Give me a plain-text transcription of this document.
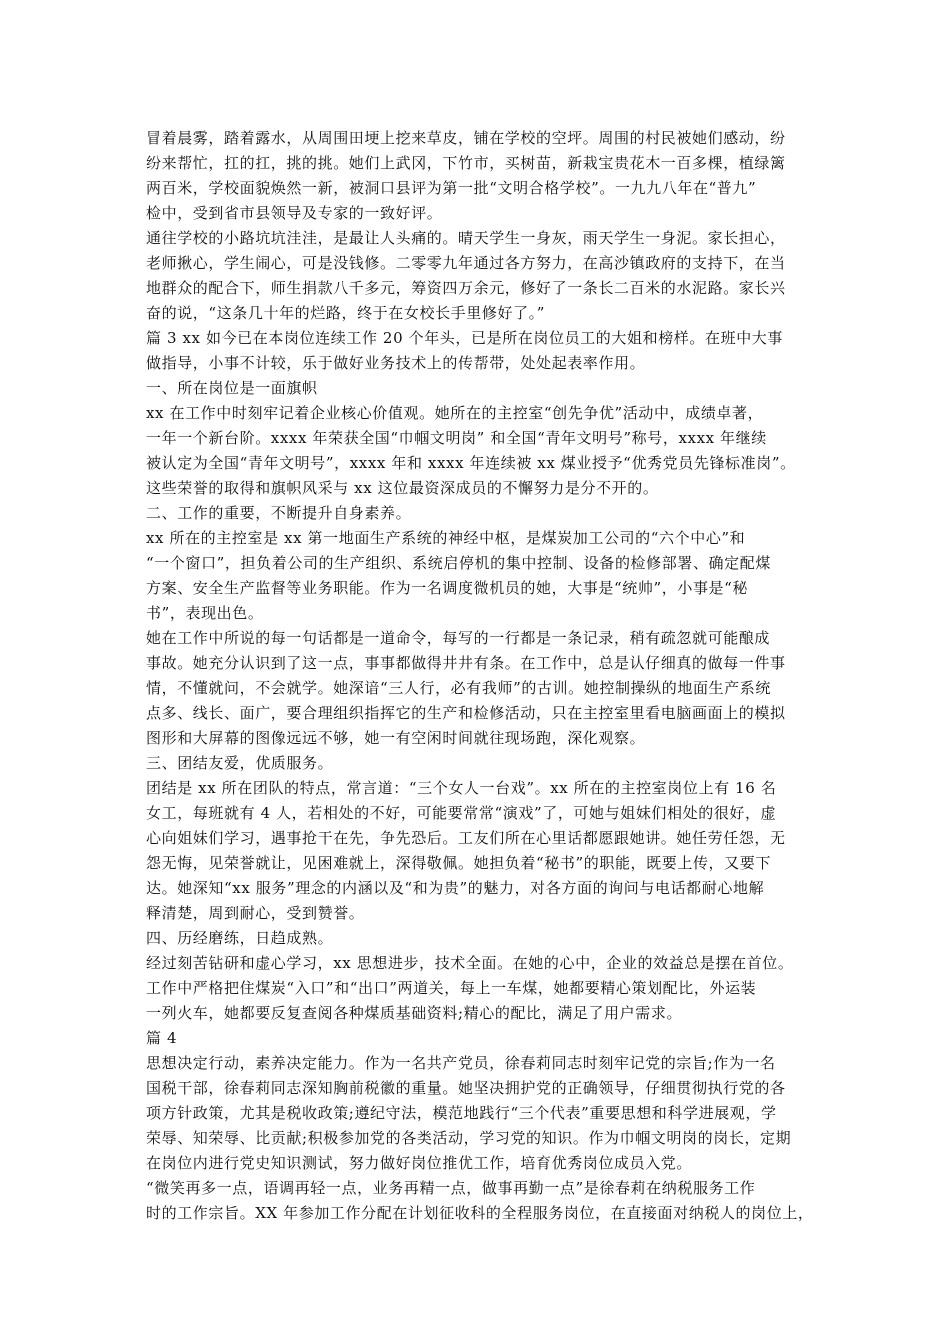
冒着晨雾，踏着露水，从周围田埂上挖来草皮，铺在学校的空坪。周围的村民被她们感动，纷
纷来帮忙，扛的扛，挑的挑。她们上武冈，下竹市，买树苗，新栽宝贵花木一百多棵，植绿篱
两百米，学校面貌焕然一新，被洞口县评为第一批“文明合格学校”。一九九八年在“普九”
检中，受到省市县领导及专家的一致好评。
通往学校的小路坑坑洼洼，是最让人头痛的。晴天学生一身灰，雨天学生一身泥。家长担心，
老师揪心，学生闹心，可是没钱修。二零零九年通过各方努力，在高沙镇政府的支持下，在当
地群众的配合下，师生捐款八千多元，筹资四万余元，修好了一条长二百米的水泥路。家长兴
奋的说，“这条几十年的烂路，终于在女校长手里修好了。”
篇 3 xx 如今已在本岗位连续工作 20 个年头，已是所在岗位员工的大姐和榜样。在班中大事
做指导，小事不计较，乐于做好业务技术上的传帮带，处处起表率作用。
一、所在岗位是一面旗帜
xx 在工作中时刻牢记着企业核心价值观。她所在的主控室“创先争优”活动中，成绩卓著，
一年一个新台阶。xxxx 年荣获全国“巾帼文明岗” 和全国“青年文明号”称号，xxxx 年继续
被认定为全国“青年文明号”，xxxx 年和 xxxx 年连续被 xx 煤业授予“优秀党员先锋标准岗”。
这些荣誉的取得和旗帜风采与 xx 这位最资深成员的不懈努力是分不开的。
二、工作的重要，不断提升自身素养。
xx 所在的主控室是 xx 第一地面生产系统的神经中枢，是煤炭加工公司的“六个中心”和
“一个窗口”，担负着公司的生产组织、系统启停机的集中控制、设备的检修部署、确定配煤
方案、安全生产监督等业务职能。作为一名调度微机员的她，大事是“统帅”，小事是“秘
书”，表现出色。
她在工作中所说的每一句话都是一道命令，每写的一行都是一条记录，稍有疏忽就可能酿成
事故。她充分认识到了这一点，事事都做得井井有条。在工作中，总是认仔细真的做每一件事
情，不懂就问，不会就学。她深谙“三人行，必有我师”的古训。她控制操纵的地面生产系统
点多、线长、面广，要合理组织指挥它的生产和检修活动，只在主控室里看电脑画面上的模拟
图形和大屏幕的图像远远不够，她一有空闲时间就往现场跑，深化观察。
三、团结友爱，优质服务。
团结是 xx 所在团队的特点，常言道：“三个女人一台戏”。xx 所在的主控室岗位上有 16 名
女工，每班就有 4 人，若相处的不好，可能要常常“演戏”了，可她与姐妹们相处的很好，虚
心向姐妹们学习，遇事抢干在先，争先恐后。工友们所在心里话都愿跟她讲。她任劳任怨，无
怨无悔，见荣誉就让，见困难就上，深得敬佩。她担负着“秘书”的职能，既要上传，又要下
达。她深知“xx 服务”理念的内涵以及“和为贵”的魅力，对各方面的询问与电话都耐心地解
释清楚，周到耐心，受到赞誉。
四、历经磨练，日趋成熟。
经过刻苦钻研和虚心学习，xx 思想进步，技术全面。在她的心中，企业的效益总是摆在首位。
工作中严格把住煤炭“入口”和“出口”两道关，每上一车煤，她都要精心策划配比，外运装
一列火车，她都要反复查阅各种煤质基础资料;精心的配比，满足了用户需求。
篇 4
思想决定行动，素养决定能力。作为一名共产党员，徐春莉同志时刻牢记党的宗旨;作为一名
国税干部，徐春莉同志深知胸前税徽的重量。她坚决拥护党的正确领导，仔细贯彻执行党的各
项方针政策，尤其是税收政策;遵纪守法，模范地践行“三个代表”重要思想和科学进展观，学
荣辱、知荣辱、比贡献;积极参加党的各类活动，学习党的知识。作为巾帼文明岗的岗长，定期
在岗位内进行党史知识测试，努力做好岗位推优工作，培育优秀岗位成员入党。
“微笑再多一点，语调再轻一点，业务再精一点，做事再勤一点”是徐春莉在纳税服务工作
时的工作宗旨。XX 年参加工作分配在计划征收科的全程服务岗位，在直接面对纳税人的岗位上，
